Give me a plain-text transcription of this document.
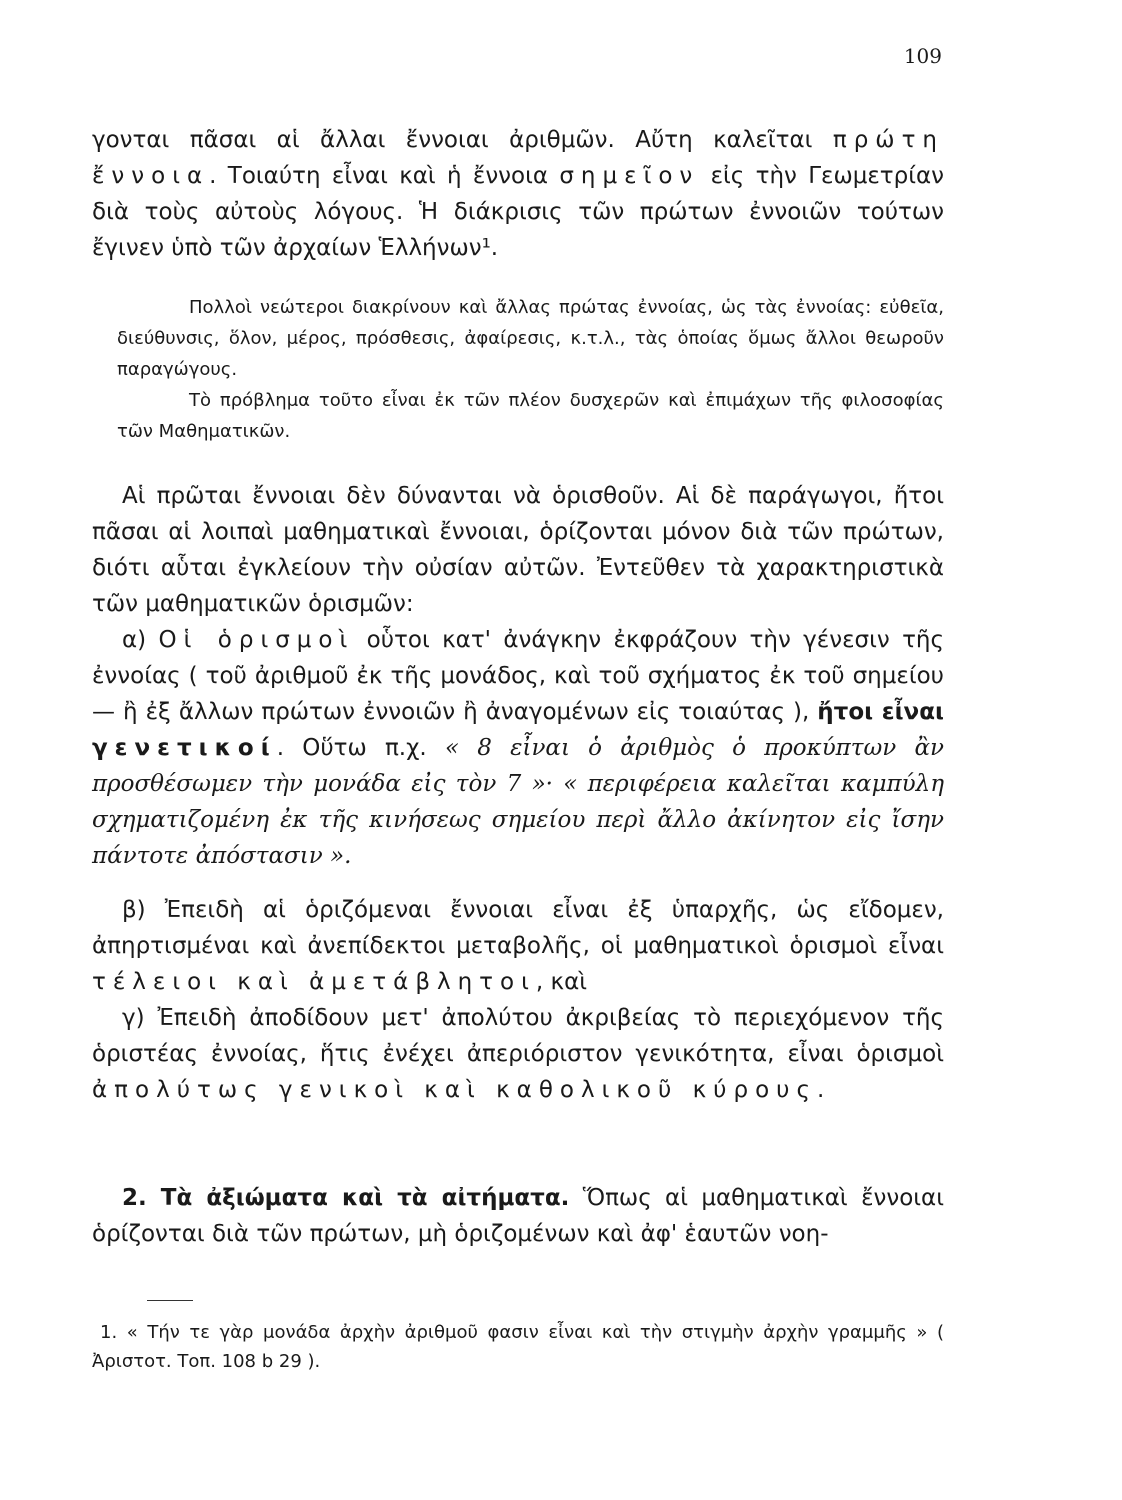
109
γονται πᾶσαι αἱ ἄλλαι ἔννοιαι ἀριθμῶν. Αὔτη καλεῖται πρώτη ἔννοια. Τοιαύτη εἶναι καὶ ἡ ἔννοια σημεῖον εἰς τὴν Γεωμετρίαν διὰ τοὺς αὐτοὺς λόγους. Ἡ διάκρισις τῶν πρώτων ἐννοιῶν τούτων ἔγινεν ὑπὸ τῶν ἀρχαίων Ἑλλήνων¹.

Πολλοὶ νεώτεροι διακρίνουν καὶ ἄλλας πρώτας ἐννοίας, ὡς τὰς ἐννοίας: εὐθεῖα, διεύθυνσις, ὅλον, μέρος, πρόσθεσις, ἀφαίρεσις, κ.τ.λ., τὰς ὁποίας ὅμως ἄλλοι θεωροῦν παραγώγους.

Τὸ πρόβλημα τοῦτο εἶναι ἐκ τῶν πλέον δυσχερῶν καὶ ἐπιμάχων τῆς φιλοσοφίας τῶν Μαθηματικῶν.

Αἱ πρῶται ἔννοιαι δὲν δύνανται νὰ ὁρισθοῦν. Αἱ δὲ παράγωγοι, ἤτοι πᾶσαι αἱ λοιπαὶ μαθηματικαὶ ἔννοιαι, ὁρίζονται μόνον διὰ τῶν πρώτων, διότι αὗται ἐγκλείουν τὴν οὐσίαν αὐτῶν. Ἐντεῦθεν τὰ χαρακτηριστικὰ τῶν μαθηματικῶν ὁρισμῶν:

α) Οἱ ὁρισμοὶ οὗτοι κατ' ἀνάγκην ἐκφράζουν τὴν γένεσιν τῆς ἐννοίας ( τοῦ ἀριθμοῦ ἐκ τῆς μονάδος, καὶ τοῦ σχήματος ἐκ τοῦ σημείου — ἢ ἐξ ἄλλων πρώτων ἐννοιῶν ἢ ἀναγομένων εἰς τοιαύτας ), ἤτοι εἶναι γενετικοί. Οὕτω π.χ. « 8 εἶναι ὁ ἀριθμὸς ὁ προκύπτων ἂν προσθέσωμεν τὴν μονάδα εἰς τὸν 7 »· « περιφέρεια καλεῖται καμπύλη σχηματιζομένη ἐκ τῆς κινήσεως σημείου περὶ ἄλλο ἀκίνητον εἰς ἴσην πάντοτε ἀπόστασιν ».

β) Ἐπειδὴ αἱ ὁριζόμεναι ἔννοιαι εἶναι ἐξ ὑπαρχῆς, ὡς εἴδομεν, ἀπηρτισμέναι καὶ ἀνεπίδεκτοι μεταβολῆς, οἱ μαθηματικοὶ ὁρισμοὶ εἶναι τέλειοι καὶ ἀμετάβλητοι, καὶ

γ) Ἐπειδὴ ἀποδίδουν μετ' ἀπολύτου ἀκριβείας τὸ περιεχόμενον τῆς ὁριστέας ἐννοίας, ἥτις ἐνέχει ἀπεριόριστον γενικότητα, εἶναι ὁρισμοὶ ἀπολύτως γενικοὶ καὶ καθολικοῦ κύρους.

2. Τὰ ἀξιώματα καὶ τὰ αἰτήματα. Ὅπως αἱ μαθηματικαὶ ἔννοιαι ὁρίζονται διὰ τῶν πρώτων, μὴ ὁριζομένων καὶ ἀφ' ἑαυτῶν νοη-

1. « Τήν τε γὰρ μονάδα ἀρχὴν ἀριθμοῦ φασιν εἶναι καὶ τὴν στιγμὴν ἀρχὴν γραμμῆς » ( Ἀριστοτ. Τοπ. 108 b 29 ).
